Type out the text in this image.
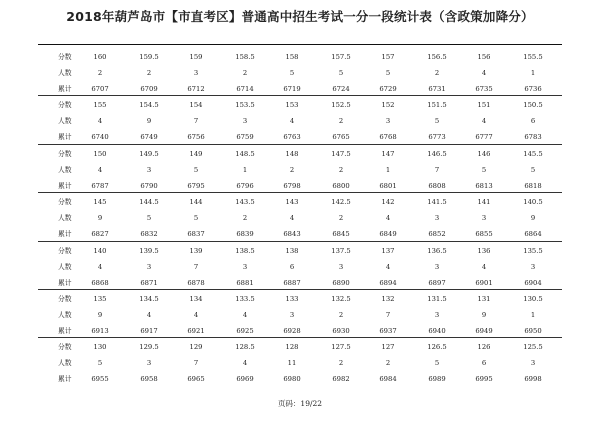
2018年葫芦岛市【市直考区】普通高中招生考试一分一段统计表（含政策加降分）
分数	160	159.5	159	158.5	158	157.5	157	156.5	156	155.5
人数	2	2	3	2	5	5	5	2	4	1
累计	6707	6709	6712	6714	6719	6724	6729	6731	6735	6736
分数	155	154.5	154	153.5	153	152.5	152	151.5	151	150.5
人数	4	9	7	3	4	2	3	5	4	6
累计	6740	6749	6756	6759	6763	6765	6768	6773	6777	6783
分数	150	149.5	149	148.5	148	147.5	147	146.5	146	145.5
人数	4	3	5	1	2	2	1	7	5	5
累计	6787	6790	6795	6796	6798	6800	6801	6808	6813	6818
分数	145	144.5	144	143.5	143	142.5	142	141.5	141	140.5
人数	9	5	5	2	4	2	4	3	3	9
累计	6827	6832	6837	6839	6843	6845	6849	6852	6855	6864
分数	140	139.5	139	138.5	138	137.5	137	136.5	136	135.5
人数	4	3	7	3	6	3	4	3	4	3
累计	6868	6871	6878	6881	6887	6890	6894	6897	6901	6904
分数	135	134.5	134	133.5	133	132.5	132	131.5	131	130.5
人数	9	4	4	4	3	2	7	3	9	1
累计	6913	6917	6921	6925	6928	6930	6937	6940	6949	6950
分数	130	129.5	129	128.5	128	127.5	127	126.5	126	125.5
人数	5	3	7	4	11	2	2	5	6	3
累计	6955	6958	6965	6969	6980	6982	6984	6989	6995	6998
页码：19/22
